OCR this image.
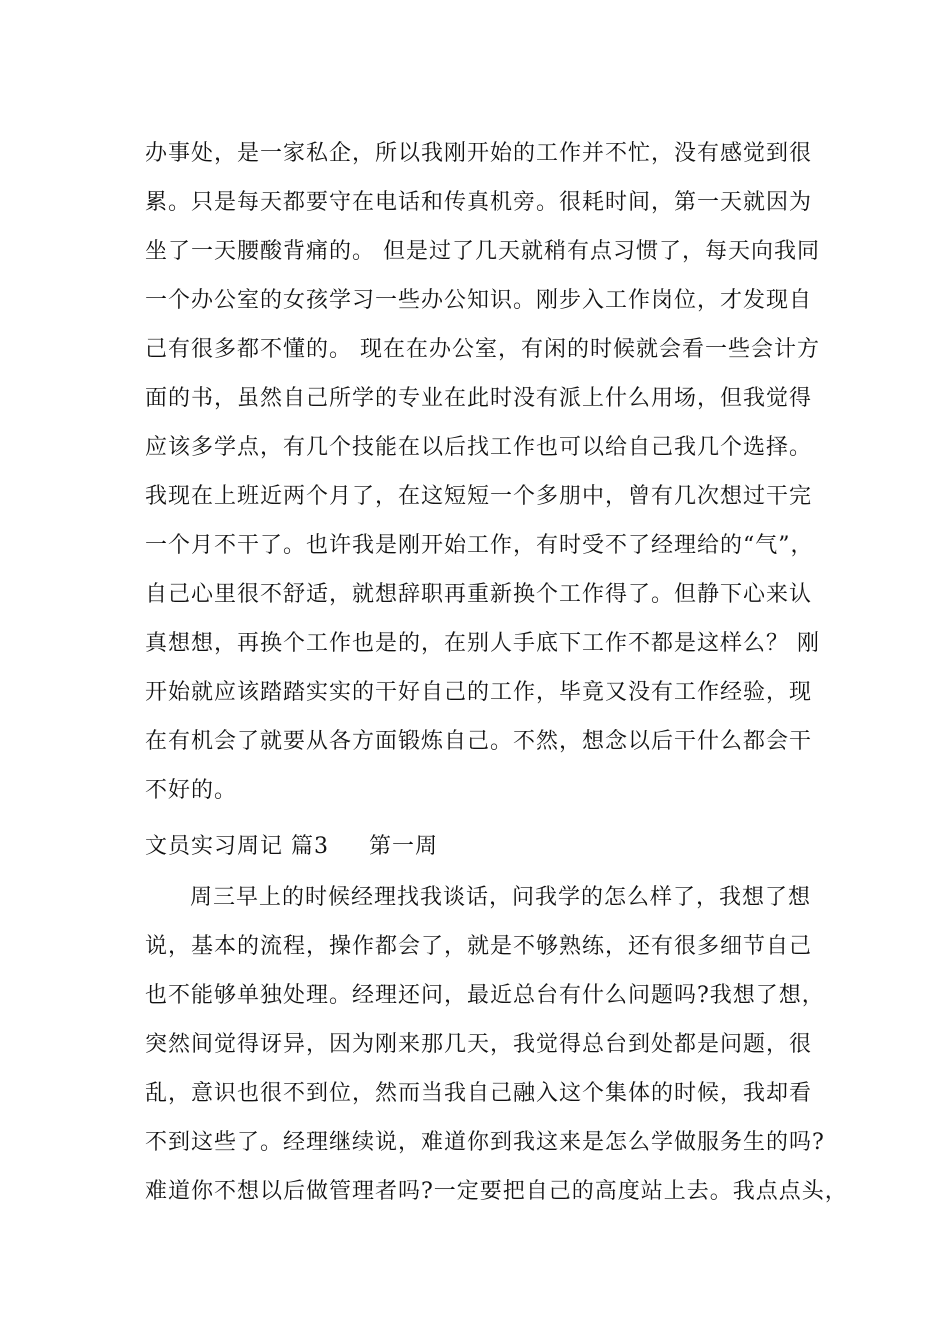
办事处，是一家私企，所以我刚开始的工作并不忙，没有感觉到很
累。只是每天都要守在电话和传真机旁。很耗时间，第一天就因为
坐了一天腰酸背痛的。 但是过了几天就稍有点习惯了，每天向我同
一个办公室的女孩学习一些办公知识。刚步入工作岗位，才发现自
己有很多都不懂的。 现在在办公室，有闲的时候就会看一些会计方
面的书，虽然自己所学的专业在此时没有派上什么用场，但我觉得
应该多学点，有几个技能在以后找工作也可以给自己我几个选择。
我现在上班近两个月了，在这短短一个多朋中，曾有几次想过干完
一个月不干了。也许我是刚开始工作，有时受不了经理给的“气”，
自己心里很不舒适，就想辞职再重新换个工作得了。但静下心来认
真想想，再换个工作也是的，在别人手底下工作不都是这样么？ 刚
开始就应该踏踏实实的干好自己的工作，毕竟又没有工作经验，现
在有机会了就要从各方面锻炼自己。不然，想念以后干什么都会干
不好的。
文员实习周记 篇3 第一周
周三早上的时候经理找我谈话，问我学的怎么样了，我想了想
说，基本的流程，操作都会了，就是不够熟练，还有很多细节自己
也不能够单独处理。经理还问，最近总台有什么问题吗?我想了想，
突然间觉得讶异，因为刚来那几天，我觉得总台到处都是问题，很
乱，意识也很不到位，然而当我自己融入这个集体的时候，我却看
不到这些了。经理继续说，难道你到我这来是怎么学做服务生的吗?
难道你不想以后做管理者吗?一定要把自己的高度站上去。我点点头，
